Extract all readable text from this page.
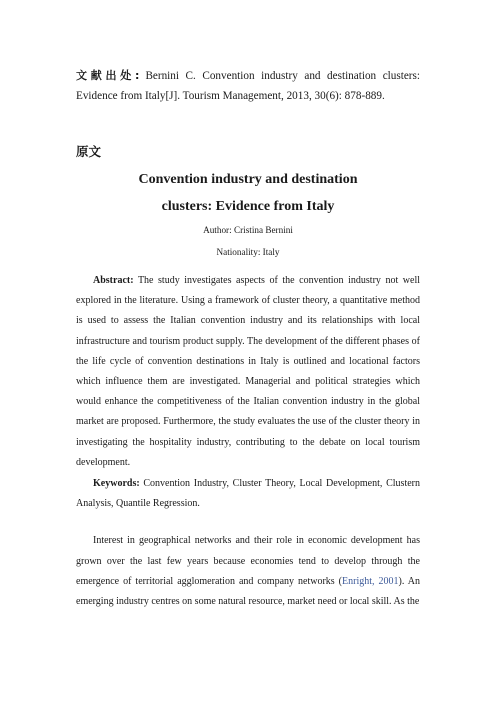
文献出处: Bernini C. Convention industry and destination clusters: Evidence from Italy[J]. Tourism Management, 2013, 30(6): 878-889.

原文

Convention industry and destination
clusters: Evidence from Italy

Author: Cristina Bernini

Nationality: Italy

Abstract: The study investigates aspects of the convention industry not well explored in the literature. Using a framework of cluster theory, a quantitative method is used to assess the Italian convention industry and its relationships with local infrastructure and tourism product supply. The development of the different phases of the life cycle of convention destinations in Italy is outlined and locational factors which influence them are investigated. Managerial and political strategies which would enhance the competitiveness of the Italian convention industry in the global market are proposed. Furthermore, the study evaluates the use of the cluster theory in investigating the hospitality industry, contributing to the debate on local tourism development.

Keywords: Convention Industry, Cluster Theory, Local Development, Clustern Analysis, Quantile Regression.

Interest in geographical networks and their role in economic development has grown over the last few years because economies tend to develop through the emergence of territorial agglomeration and company networks (Enright, 2001). An emerging industry centres on some natural resource, market need or local skill. As the
